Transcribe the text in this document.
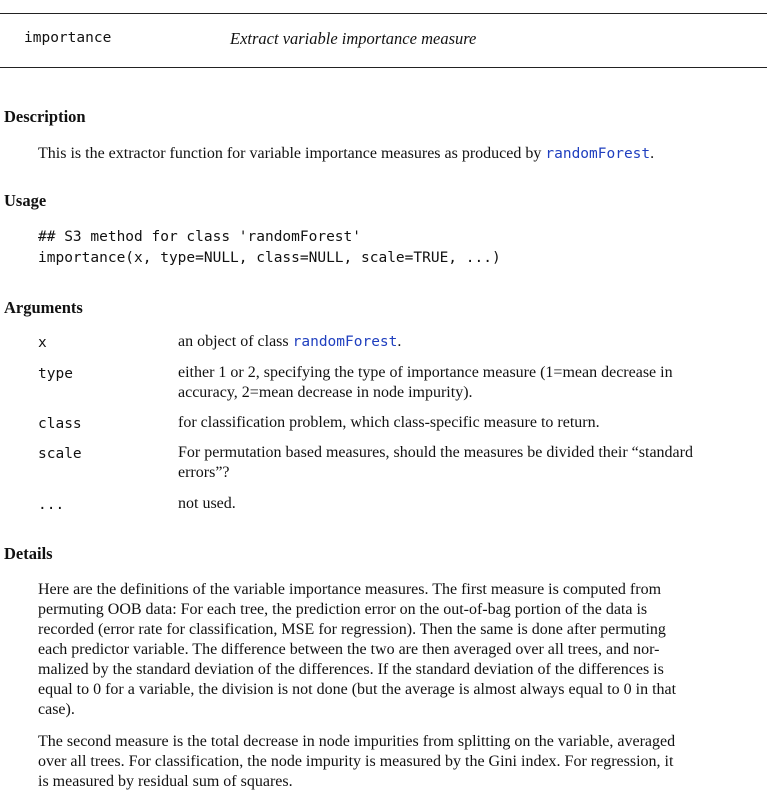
importance	Extract variable importance measure
Description
This is the extractor function for variable importance measures as produced by randomForest.
Usage
## S3 method for class 'randomForest'
importance(x, type=NULL, class=NULL, scale=TRUE, ...)
Arguments
x	an object of class randomForest.
type	either 1 or 2, specifying the type of importance measure (1=mean decrease in
accuracy, 2=mean decrease in node impurity).
class	for classification problem, which class-specific measure to return.
scale	For permutation based measures, should the measures be divided their “standard
errors”?
...	not used.
Details
Here are the definitions of the variable importance measures. The first measure is computed from
permuting OOB data: For each tree, the prediction error on the out-of-bag portion of the data is
recorded (error rate for classification, MSE for regression). Then the same is done after permuting
each predictor variable. The difference between the two are then averaged over all trees, and nor-
malized by the standard deviation of the differences. If the standard deviation of the differences is
equal to 0 for a variable, the division is not done (but the average is almost always equal to 0 in that
case).
The second measure is the total decrease in node impurities from splitting on the variable, averaged
over all trees. For classification, the node impurity is measured by the Gini index. For regression, it
is measured by residual sum of squares.
